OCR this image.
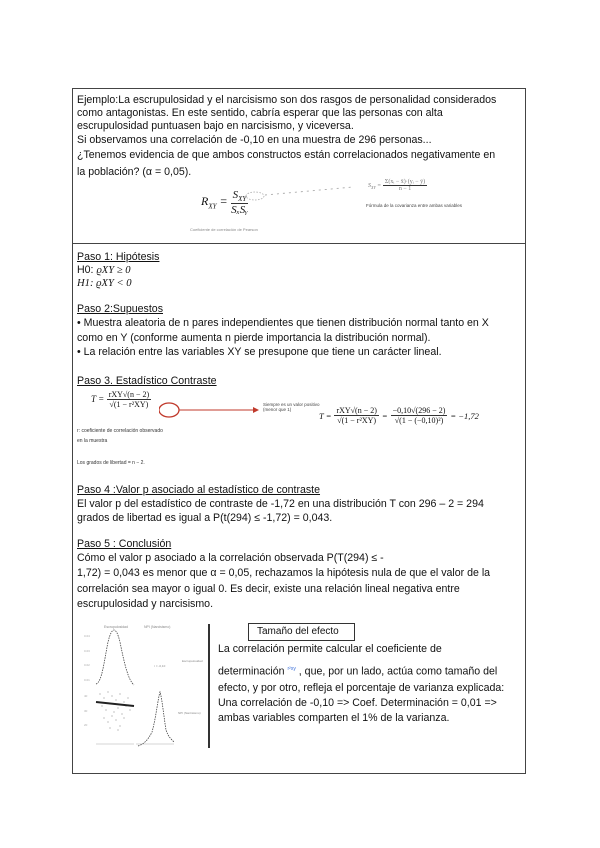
Ejemplo:La escrupulosidad y el narcisismo son dos rasgos de personalidad considerados

como antagonistas. En este sentido, cabría esperar que las personas con alta

escrupulosidad puntuasen bajo en narcisismo, y viceversa.

Si observamos una correlación de -0,10 en una muestra de 296 personas...

¿Tenemos evidencia de que ambos constructos están correlacionados negativamente en

la población? (α = 0,05).

$R_{XY} = \frac{S_{XY}}{\text{SₓSᵧ}}$
$S_{XY} = \frac{\text{Σ(xᵢ − x̄)·(yᵢ − ȳ)}}{n - 1}$
Fórmula de la covarianza entre ambas variables
Coeficiente de correlación de Pearson

Paso 1: Hipótesis

H0: ϱXY ≥ 0

H1: ϱXY < 0

Paso 2:Supuestos

• Muestra aleatoria de n pares independientes que tienen distribución normal tanto en X

como en Y (conforme aumenta n pierde importancia la distribución normal).

• La relación entre las variables XY se presupone que tiene un carácter lineal.

Paso 3. Estadístico Contraste

$T = \frac{\text{rXY√(n − 2)}}{\text{√(1 − r²XY)}}$	Siempre es un valor positivo (menor que 1)
r: coeficiente de correlación observado
en la muestra
Los grados de libertad = n − 2.
$T = \frac{\text{rXY√(n − 2)}}{\text{√(1 − r²XY)}} = \frac{-0,10√(296 - 2)}{\text{√(1 − (−0,10)²)}} = -1,72$

Paso 4 :Valor p asociado al estadístico de contraste

El valor p del estadístico de contraste de -1,72 en una distribución T con 296 – 2 = 294

grados de libertad es igual a P(t(294) ≤ -1,72) = 0,043.

Paso 5 : Conclusión

Cómo el valor p asociado a la correlación observada P(T(294) ≤ -

1,72) = 0,043 es menor que α = 0,05, rechazamos la hipótesis nula de que el valor de la

correlación sea mayor o igual 0. Es decir, existe una relación lineal negativa entre

escrupulosidad y narcisismo.

Escrupulosidad	NPI (Narcisismo)
0.04
0.03
0.02
0.01
40
30
20
r = -0,10
Escrupulosidad
NPI (Narcisismo)
Tamaño del efecto

La correlación permite calcular el coeficiente de

determinación $^{r^2xy}$ , que, por un lado, actúa como tamaño del

efecto, y por otro, refleja el porcentaje de varianza explicada:

Una correlación de -0,10 => Coef. Determinación = 0,01 =>

ambas variables comparten el 1% de la varianza.
